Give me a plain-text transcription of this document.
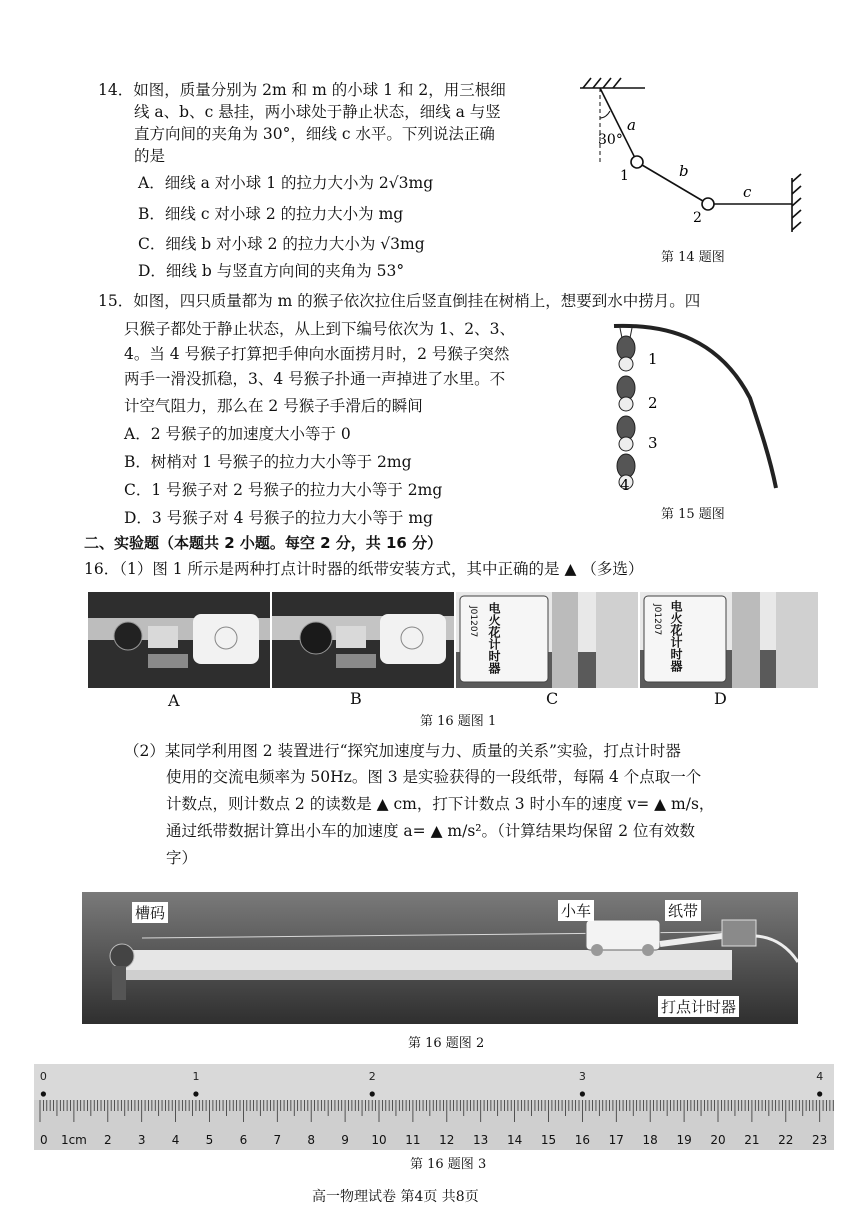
14．如图，质量分别为 2m 和 m 的小球 1 和 2，用三根细
线 a、b、c 悬挂，两小球处于静止状态，细线 a 与竖
直方向间的夹角为 30°，细线 c 水平。下列说法正确
的是
A．细线 a 对小球 1 的拉力大小为 2√3mg
B．细线 c 对小球 2 的拉力大小为 mg
C．细线 b 对小球 2 的拉力大小为 √3mg
D．细线 b 与竖直方向间的夹角为 53°
30°
a
b
c
1
2
第 14 题图
15．如图，四只质量都为 m 的猴子依次拉住后竖直倒挂在树梢上，想要到水中捞月。四
只猴子都处于静止状态，从上到下编号依次为 1、2、3、
4。当 4 号猴子打算把手伸向水面捞月时，2 号猴子突然
两手一滑没抓稳，3、4 号猴子扑通一声掉进了水里。不
计空气阻力，那么在 2 号猴子手滑后的瞬间
A．2 号猴子的加速度大小等于 0
B．树梢对 1 号猴子的拉力大小等于 2mg
C．1 号猴子对 2 号猴子的拉力大小等于 2mg
D．3 号猴子对 4 号猴子的拉力大小等于 mg
1
2
3
4
第 15 题图
二、实验题（本题共 2 小题。每空 2 分，共 16 分）
16．（1）图 1 所示是两种打点计时器的纸带安装方式，其中正确的是 ▲ （多选）
J01207 电火花计时器	J01207 电火花计时器
A	B	C	D
第 16 题图 1
（2）某同学利用图 2 装置进行“探究加速度与力、质量的关系”实验，打点计时器
使用的交流电频率为 50Hz。图 3 是实验获得的一段纸带，每隔 4 个点取一个
计数点，则计数点 2 的读数是 ▲ cm，打下计数点 3 时小车的速度 v= ▲ m/s，
通过纸带数据计算出小车的加速度 a= ▲ m/s²。（计算结果均保留 2 位有效数
字）
槽码	小车	纸带
打点计时器
第 16 题图 2
0 1cm 2 3 4 5 6 7 8 9 10 11 12 13 14 15 16 17 18 19 20 21 22 23
0	1	2	3	4
第 16 题图 3
高一物理试卷 第4页 共8页
